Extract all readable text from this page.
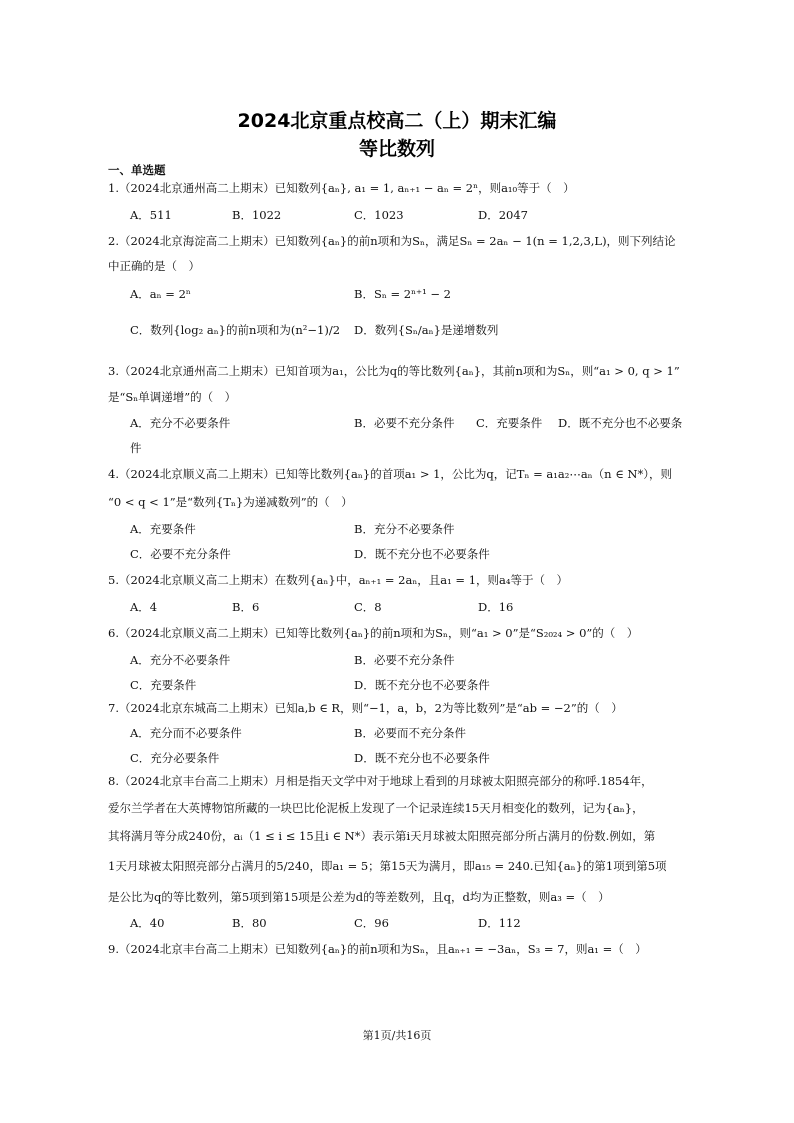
2024北京重点校高二（上）期末汇编
等比数列
一、单选题
1.（2024北京通州高二上期末）已知数列{aₙ}, a₁ = 1, aₙ₊₁ − aₙ = 2ⁿ，则a₁₀等于（　）
A．511	B．1022	C．1023	D．2047
2.（2024北京海淀高二上期末）已知数列{aₙ}的前n项和为Sₙ，满足Sₙ = 2aₙ − 1(n = 1,2,3,L)，则下列结论
中正确的是（　）
A．aₙ = 2ⁿ	B．Sₙ = 2ⁿ⁺¹ − 2
C．数列{log₂ aₙ}的前n项和为(n²−1)/2 D．数列{Sₙ/aₙ}是递增数列
3.（2024北京通州高二上期末）已知首项为a₁，公比为q的等比数列{aₙ}，其前n项和为Sₙ，则“a₁ > 0, q > 1”
是“Sₙ单调递增”的（　）
A．充分不必要条件	B．必要不充分条件 C．充要条件 D．既不充分也不必要条
件
4.（2024北京顺义高二上期末）已知等比数列{aₙ}的首项a₁ > 1，公比为q，记Tₙ = a₁a₂⋯aₙ（n ∈ N*），则
“0 < q < 1”是“数列{Tₙ}为递减数列”的（　）
A．充要条件	B．充分不必要条件
C．必要不充分条件	D．既不充分也不必要条件
5.（2024北京顺义高二上期末）在数列{aₙ}中，aₙ₊₁ = 2aₙ，且a₁ = 1，则a₄等于（　）
A．4	B．6	C．8	D．16
6.（2024北京顺义高二上期末）已知等比数列{aₙ}的前n项和为Sₙ，则“a₁ > 0”是“S₂₀₂₄ > 0”的（　）
A．充分不必要条件	B．必要不充分条件
C．充要条件	D．既不充分也不必要条件
7.（2024北京东城高二上期末）已知a,b ∈ R，则“−1，a，b，2为等比数列”是“ab = −2”的（　）
A．充分而不必要条件	B．必要而不充分条件
C．充分必要条件	D．既不充分也不必要条件
8.（2024北京丰台高二上期末）月相是指天文学中对于地球上看到的月球被太阳照亮部分的称呼.1854年，
爱尔兰学者在大英博物馆所藏的一块巴比伦泥板上发现了一个记录连续15天月相变化的数列，记为{aₙ}，
其将满月等分成240份，aᵢ（1 ≤ i ≤ 15且i ∈ N*）表示第i天月球被太阳照亮部分所占满月的份数.例如，第
1天月球被太阳照亮部分占满月的5/240，即a₁ = 5；第15天为满月，即a₁₅ = 240.已知{aₙ}的第1项到第5项
是公比为q的等比数列，第5项到第15项是公差为d的等差数列，且q，d均为正整数，则a₃ =（　）
A．40	B．80	C．96	D．112
9.（2024北京丰台高二上期末）已知数列{aₙ}的前n项和为Sₙ，且aₙ₊₁ = −3aₙ，S₃ = 7，则a₁ =（　）
第1页/共16页
